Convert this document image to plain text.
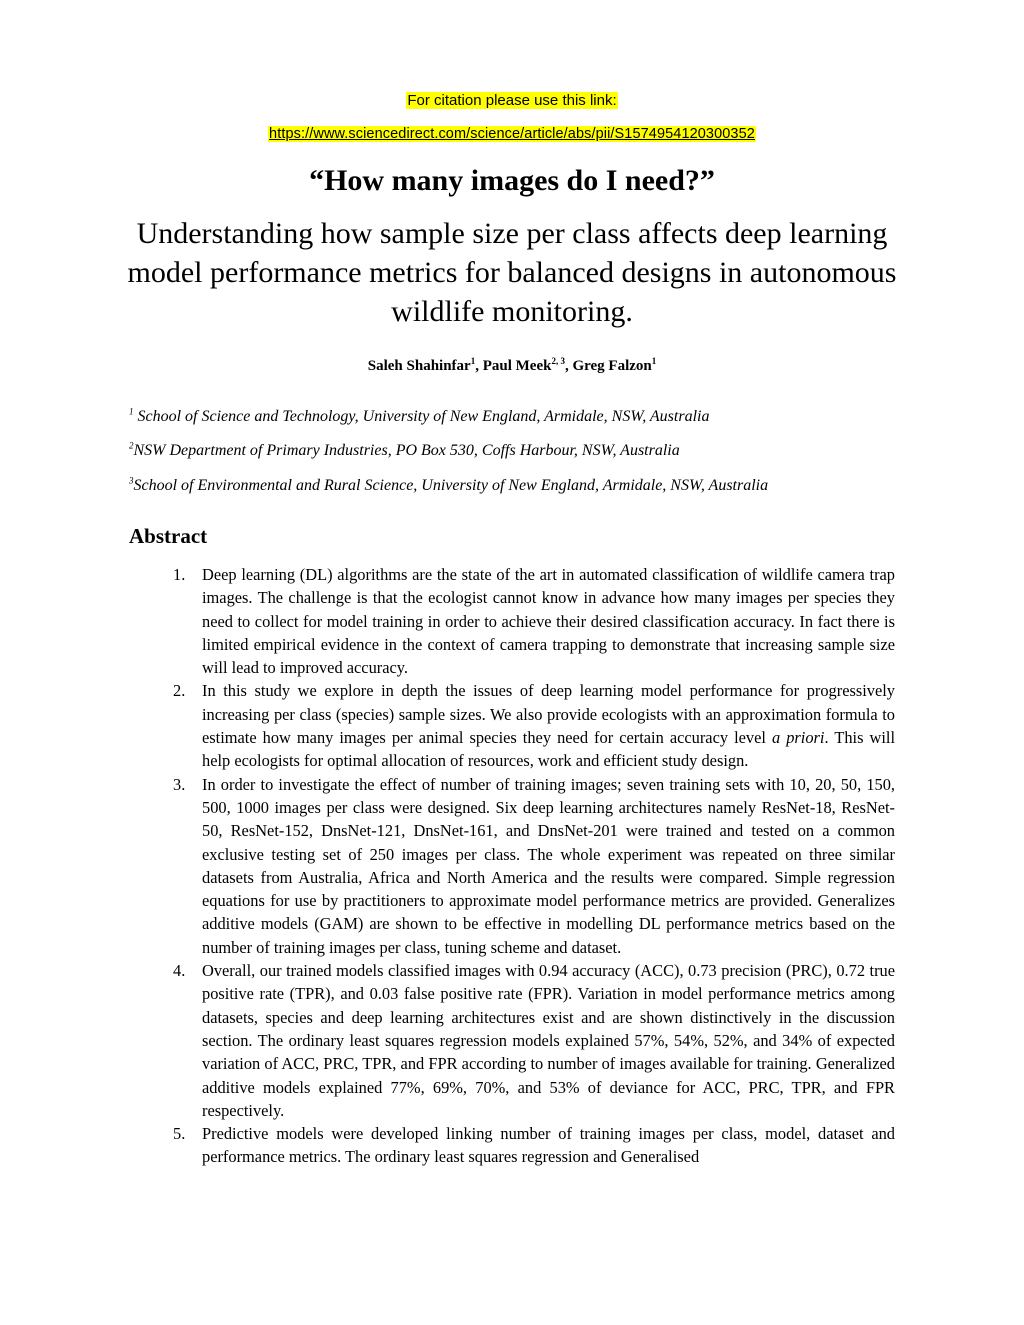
For citation please use this link:
https://www.sciencedirect.com/science/article/abs/pii/S1574954120300352
“How many images do I need?”
Understanding how sample size per class affects deep learning model performance metrics for balanced designs in autonomous wildlife monitoring.
Saleh Shahinfar$^1$, Paul Meek$^{2, 3}$, Greg Falzon$^1$
$^1$ School of Science and Technology, University of New England, Armidale, NSW, Australia
$^2$NSW Department of Primary Industries, PO Box 530, Coffs Harbour, NSW, Australia
$^3$School of Environmental and Rural Science, University of New England, Armidale, NSW, Australia
Abstract
1. Deep learning (DL) algorithms are the state of the art in automated classification of wildlife camera trap images. The challenge is that the ecologist cannot know in advance how many images per species they need to collect for model training in order to achieve their desired classification accuracy. In fact there is limited empirical evidence in the context of camera trapping to demonstrate that increasing sample size will lead to improved accuracy.
2. In this study we explore in depth the issues of deep learning model performance for progressively increasing per class (species) sample sizes. We also provide ecologists with an approximation formula to estimate how many images per animal species they need for certain accuracy level a priori. This will help ecologists for optimal allocation of resources, work and efficient study design.
3. In order to investigate the effect of number of training images; seven training sets with 10, 20, 50, 150, 500, 1000 images per class were designed. Six deep learning architectures namely ResNet-18, ResNet-50, ResNet-152, DnsNet-121, DnsNet-161, and DnsNet-201 were trained and tested on a common exclusive testing set of 250 images per class. The whole experiment was repeated on three similar datasets from Australia, Africa and North America and the results were compared. Simple regression equations for use by practitioners to approximate model performance metrics are provided. Generalizes additive models (GAM) are shown to be effective in modelling DL performance metrics based on the number of training images per class, tuning scheme and dataset.
4. Overall, our trained models classified images with 0.94 accuracy (ACC), 0.73 precision (PRC), 0.72 true positive rate (TPR), and 0.03 false positive rate (FPR). Variation in model performance metrics among datasets, species and deep learning architectures exist and are shown distinctively in the discussion section. The ordinary least squares regression models explained 57%, 54%, 52%, and 34% of expected variation of ACC, PRC, TPR, and FPR according to number of images available for training. Generalized additive models explained 77%, 69%, 70%, and 53% of deviance for ACC, PRC, TPR, and FPR respectively.
5. Predictive models were developed linking number of training images per class, model, dataset and performance metrics. The ordinary least squares regression and Generalised
